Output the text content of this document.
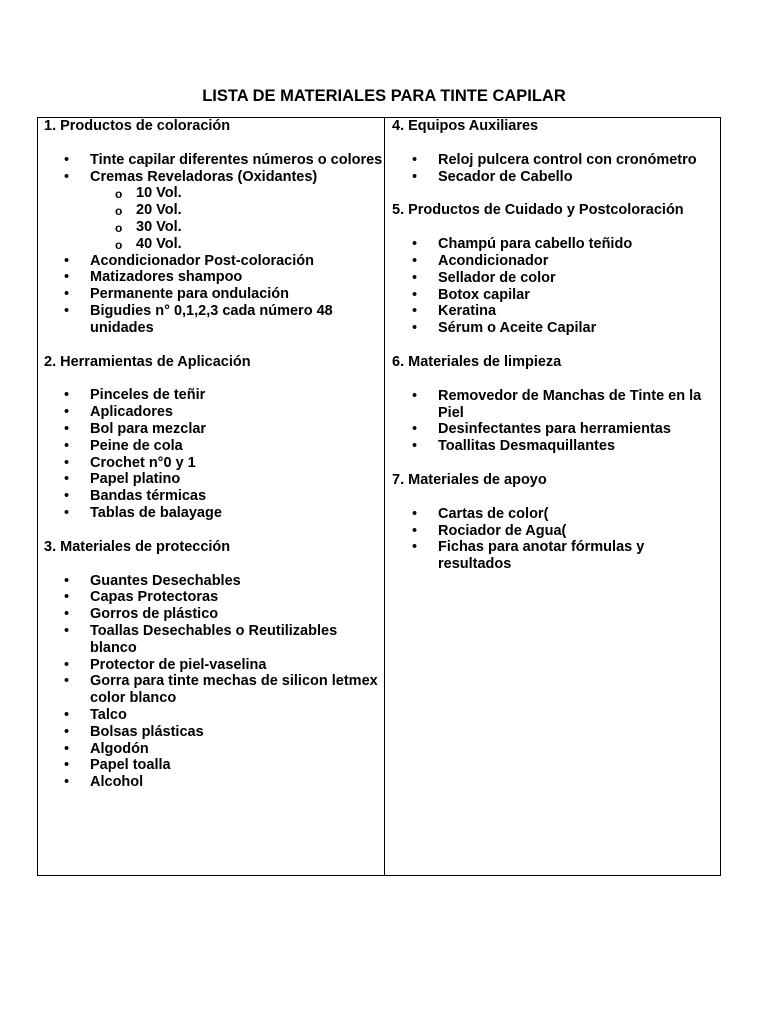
LISTA DE MATERIALES PARA TINTE CAPILAR
1. Productos de coloración
• Tinte capilar diferentes números o colores
• Cremas Reveladoras (Oxidantes)
o 10 Vol.
o 20 Vol.
o 30 Vol.
o 40 Vol.
• Acondicionador Post-coloración
• Matizadores shampoo
• Permanente para ondulación
• Bigudies n° 0,1,2,3 cada número 48 unidades
2. Herramientas de Aplicación
• Pinceles de teñir
• Aplicadores
• Bol para mezclar
• Peine de cola
• Crochet n°0 y 1
• Papel platino
• Bandas térmicas
• Tablas de balayage
3. Materiales de protección
• Guantes Desechables
• Capas Protectoras
• Gorros de plástico
• Toallas Desechables o Reutilizables blanco
• Protector de piel-vaselina
• Gorra para tinte mechas de silicon letmex color blanco
• Talco
• Bolsas plásticas
• Algodón
• Papel toalla
• Alcohol
4. Equipos Auxiliares
• Reloj pulcera control con cronómetro
• Secador de Cabello
5. Productos de Cuidado y Postcoloración
• Champú para cabello teñido
• Acondicionador
• Sellador de color
• Botox capilar
• Keratina
• Sérum o Aceite Capilar
6. Materiales de limpieza
• Removedor de Manchas de Tinte en la Piel
• Desinfectantes para herramientas
• Toallitas Desmaquillantes
7. Materiales de apoyo
• Cartas de color(
• Rociador de Agua(
• Fichas para anotar fórmulas y resultados
